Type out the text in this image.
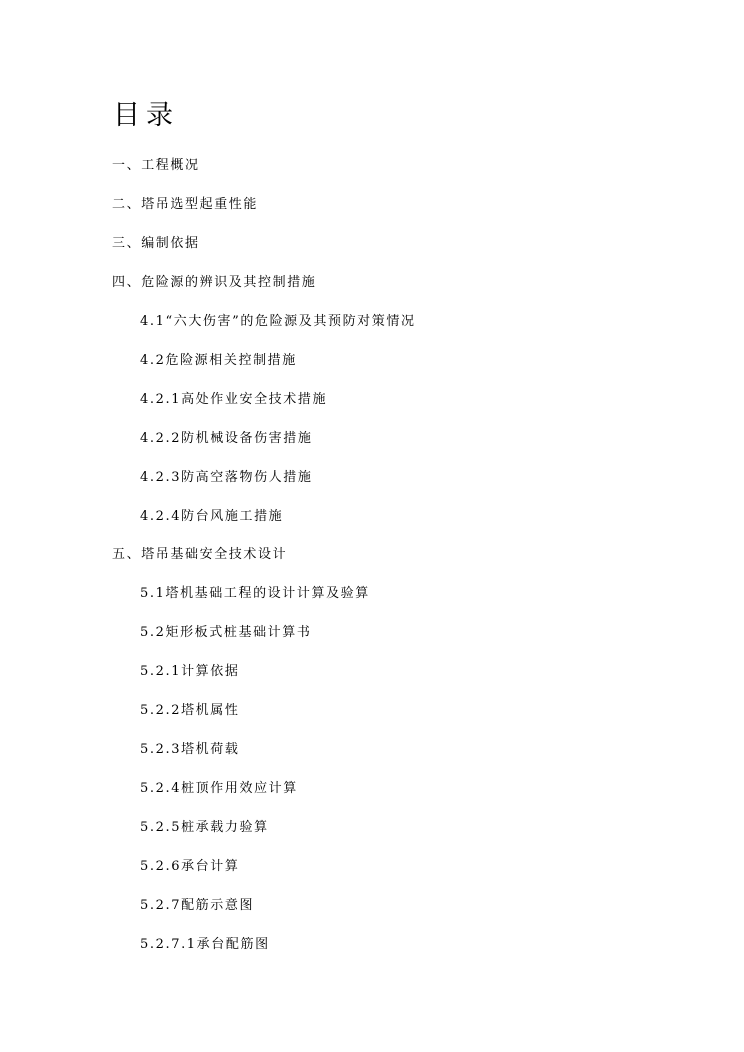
目录
一、工程概况
二、塔吊选型起重性能
三、编制依据
四、危险源的辨识及其控制措施
4.1“六大伤害”的危险源及其预防对策情况
4.2危险源相关控制措施
4.2.1高处作业安全技术措施
4.2.2防机械设备伤害措施
4.2.3防高空落物伤人措施
4.2.4防台风施工措施
五、塔吊基础安全技术设计
5.1塔机基础工程的设计计算及验算
5.2矩形板式桩基础计算书
5.2.1计算依据
5.2.2塔机属性
5.2.3塔机荷载
5.2.4桩顶作用效应计算
5.2.5桩承载力验算
5.2.6承台计算
5.2.7配筋示意图
5.2.7.1承台配筋图
